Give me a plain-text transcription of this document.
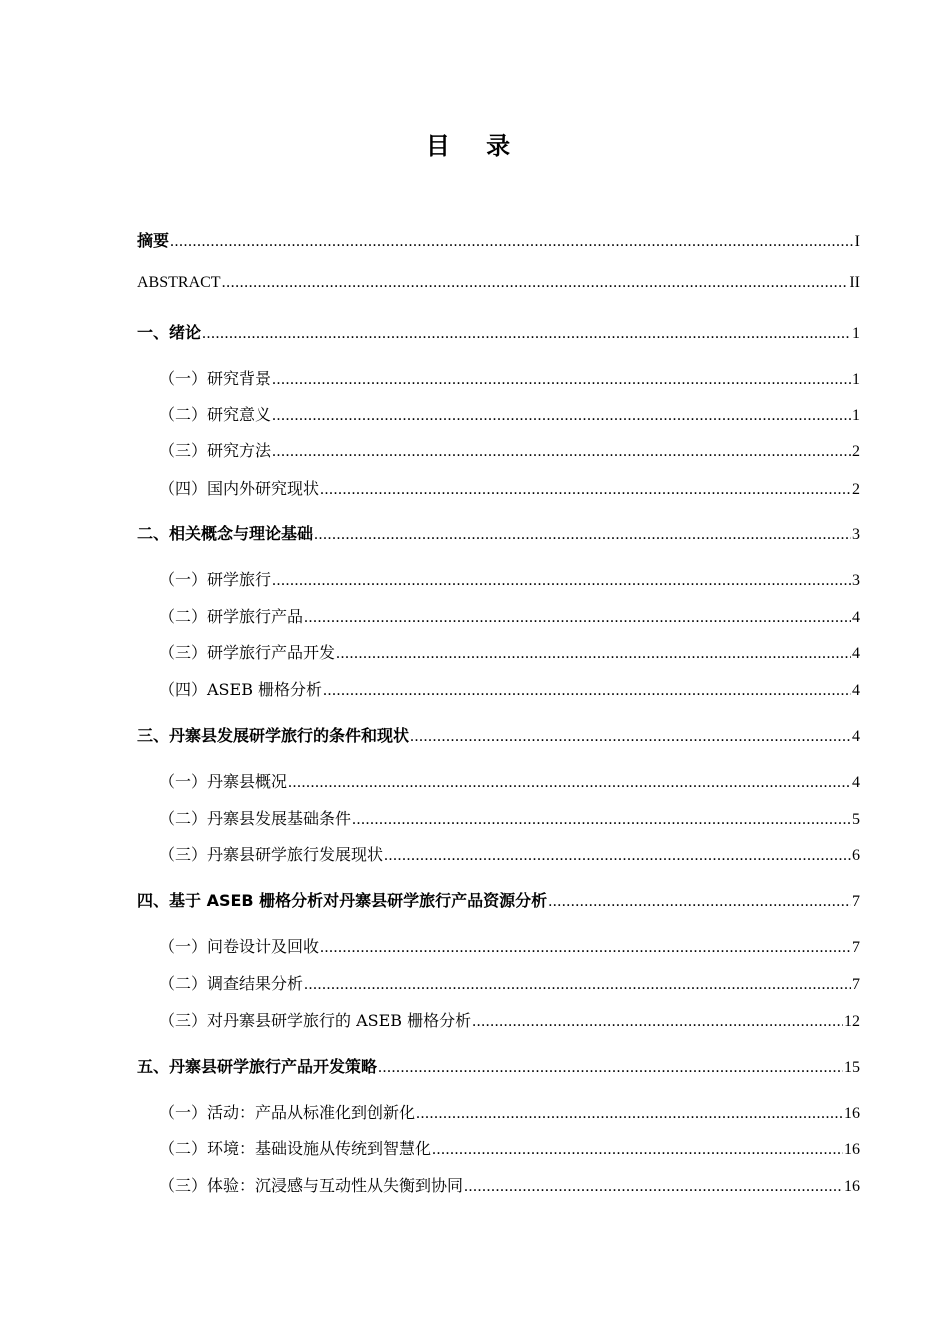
目 录
摘要 .....	I
ABSTRACT .....	II
一、绪论 .....	1
（一）研究背景 .....	1
（二）研究意义 .....	1
（三）研究方法 .....	2
（四）国内外研究现状 .....	2
二、相关概念与理论基础 .....	3
（一）研学旅行 .....	3
（二）研学旅行产品 .....	4
（三）研学旅行产品开发 .....	4
（四）ASEB 栅格分析 .....	4
三、丹寨县发展研学旅行的条件和现状 .....	4
（一）丹寨县概况 .....	4
（二）丹寨县发展基础条件 .....	5
（三）丹寨县研学旅行发展现状 .....	6
四、基于 ASEB 栅格分析对丹寨县研学旅行产品资源分析 .....	7
（一）问卷设计及回收 .....	7
（二）调查结果分析 .....	7
（三）对丹寨县研学旅行的 ASEB 栅格分析 .....	12
五、丹寨县研学旅行产品开发策略 .....	15
（一）活动：产品从标准化到创新化 .....	16
（二）环境：基础设施从传统到智慧化 .....	16
（三）体验：沉浸感与互动性从失衡到协同 .....	16
